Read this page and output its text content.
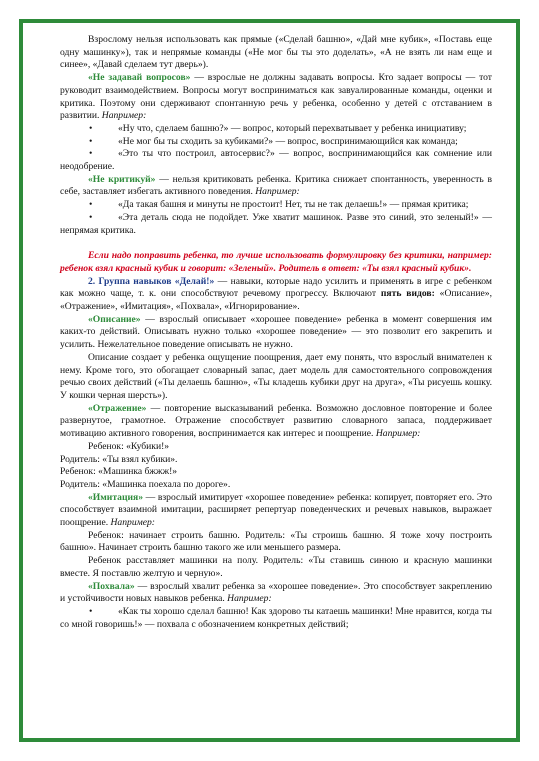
Взрослому нельзя использовать как прямые («Сделай башню», «Дай мне кубик», «Поставь еще одну машинку»), так и непрямые команды («Не мог бы ты это доделать», «А не взять ли нам еще и синее», «Давай сделаем тут дверь»).

«Не задавай вопросов» — взрослые не должны задавать вопросы. Кто задает вопросы — тот руководит взаимодействием. Вопросы могут восприниматься как завуалированные команды, оценки и критика. Поэтому они сдерживают спонтанную речь у ребенка, особенно у детей с отставанием в развитии. Например:

•	«Ну что, сделаем башню?» — вопрос, который перехватывает у ребенка инициативу;

•	«Не мог бы ты сходить за кубиками?» — вопрос, воспринимающийся как команда;

•	«Это ты что построил, автосервис?» — вопрос, воспринимающийся как сомнение или неодобрение.

«Не критикуй» — нельзя критиковать ребенка. Критика снижает спонтанность, уверенность в себе, заставляет избегать активного поведения. Например:

•	«Да такая башня и минуты не простоит! Нет, ты не так делаешь!» — прямая критика;

•	«Эта деталь сюда не подойдет. Уже хватит машинок. Разве это синий, это зеленый!» — непрямая критика.

Если надо поправить ребенка, то лучше использовать формулировку без критики, например: ребенок взял красный кубик и говорит: «Зеленый». Родитель в ответ: «Ты взял красный кубик».

2. Группа навыков «Делай!» — навыки, которые надо усилить и применять в игре с ребенком как можно чаще, т. к. они способствуют речевому прогрессу. Включают пять видов: «Описание», «Отражение», «Имитация», «Похвала», «Игнорирование».

«Описание» — взрослый описывает «хорошее поведение» ребенка в момент совершения им каких-то действий. Описывать нужно только «хорошее поведение» — это позволит его закрепить и усилить. Нежелательное поведение описывать не нужно.

Описание создает у ребенка ощущение поощрения, дает ему понять, что взрослый внимателен к нему. Кроме того, это обогащает словарный запас, дает модель для самостоятельного сопровождения речью своих действий («Ты делаешь башню», «Ты кладешь кубики друг на друга», «Ты рисуешь кошку. У кошки черная шерсть»).

«Отражение» — повторение высказываний ребенка. Возможно дословное повторение и более развернутое, грамотное. Отражение способствует развитию словарного запаса, поддерживает мотивацию активного говорения, воспринимается как интерес и поощрение. Например:

Ребенок: «Кубики!»

Родитель: «Ты взял кубики».

Ребенок: «Машинка бжжж!»

Родитель: «Машинка поехала по дороге».

«Имитация» — взрослый имитирует «хорошее поведение» ребенка: копирует, повторяет его. Это способствует взаимной имитации, расширяет репертуар поведенческих и речевых навыков, выражает поощрение. Например:

Ребенок: начинает строить башню. Родитель: «Ты строишь башню. Я тоже хочу построить башню». Начинает строить башню такого же или меньшего размера.

Ребенок расставляет машинки на полу. Родитель: «Ты ставишь синюю и красную машинки вместе. Я поставлю желтую и черную».

«Похвала» — взрослый хвалит ребенка за «хорошее поведение». Это способствует закреплению и устойчивости новых навыков ребенка. Например:

•	«Как ты хорошо сделал башню! Как здорово ты катаешь машинки! Мне нравится, когда ты со мной говоришь!» — похвала с обозначением конкретных действий;
